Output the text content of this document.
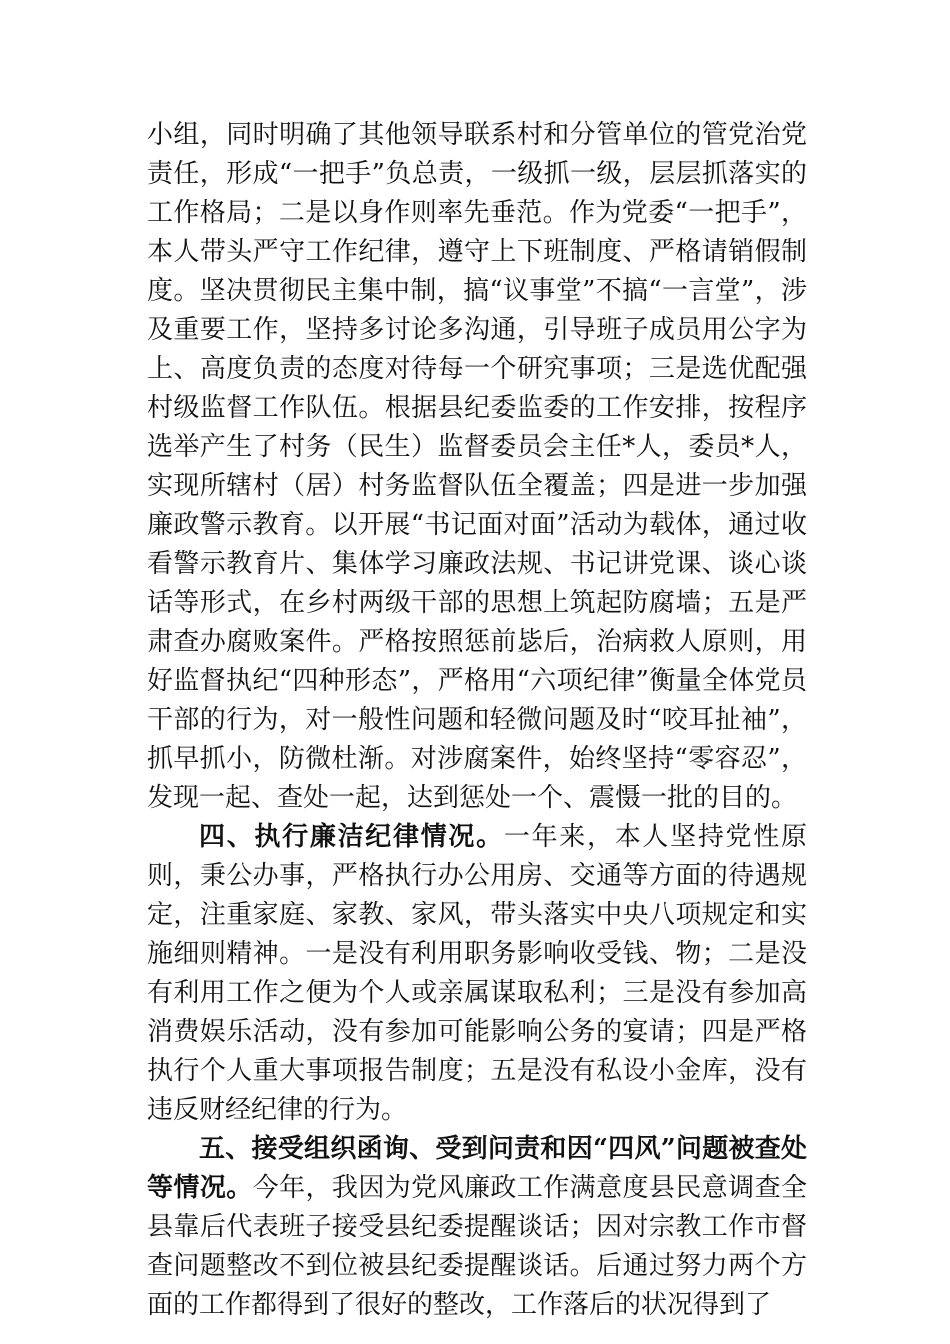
小组，同时明确了其他领导联系村和分管单位的管党治党责任，形成“一把手”负总责，一级抓一级，层层抓落实的工作格局；二是以身作则率先垂范。作为党委“一把手”，本人带头严守工作纪律，遵守上下班制度、严格请销假制度。坚决贯彻民主集中制，搞“议事堂”不搞“一言堂”，涉及重要工作，坚持多讨论多沟通，引导班子成员用公字为上、高度负责的态度对待每一个研究事项；三是选优配强村级监督工作队伍。根据县纪委监委的工作安排，按程序选举产生了村务（民生）监督委员会主任*人，委员*人，实现所辖村（居）村务监督队伍全覆盖；四是进一步加强廉政警示教育。以开展“书记面对面”活动为载体，通过收看警示教育片、集体学习廉政法规、书记讲党课、谈心谈话等形式，在乡村两级干部的思想上筑起防腐墙；五是严肃查办腐败案件。严格按照惩前毖后，治病救人原则，用好监督执纪“四种形态”，严格用“六项纪律”衡量全体党员干部的行为，对一般性问题和轻微问题及时“咬耳扯袖”，抓早抓小，防微杜渐。对涉腐案件，始终坚持“零容忍”，发现一起、查处一起，达到惩处一个、震慑一批的目的。

四、执行廉洁纪律情况。一年来，本人坚持党性原则，秉公办事，严格执行办公用房、交通等方面的待遇规定，注重家庭、家教、家风，带头落实中央八项规定和实施细则精神。一是没有利用职务影响收受钱、物；二是没有利用工作之便为个人或亲属谋取私利；三是没有参加高消费娱乐活动，没有参加可能影响公务的宴请；四是严格执行个人重大事项报告制度；五是没有私设小金库，没有违反财经纪律的行为。

五、接受组织函询、受到问责和因“四风”问题被查处等情况。今年，我因为党风廉政工作满意度县民意调查全县靠后代表班子接受县纪委提醒谈话；因对宗教工作市督查问题整改不到位被县纪委提醒谈话。后通过努力两个方面的工作都得到了很好的整改，工作落后的状况得到了
